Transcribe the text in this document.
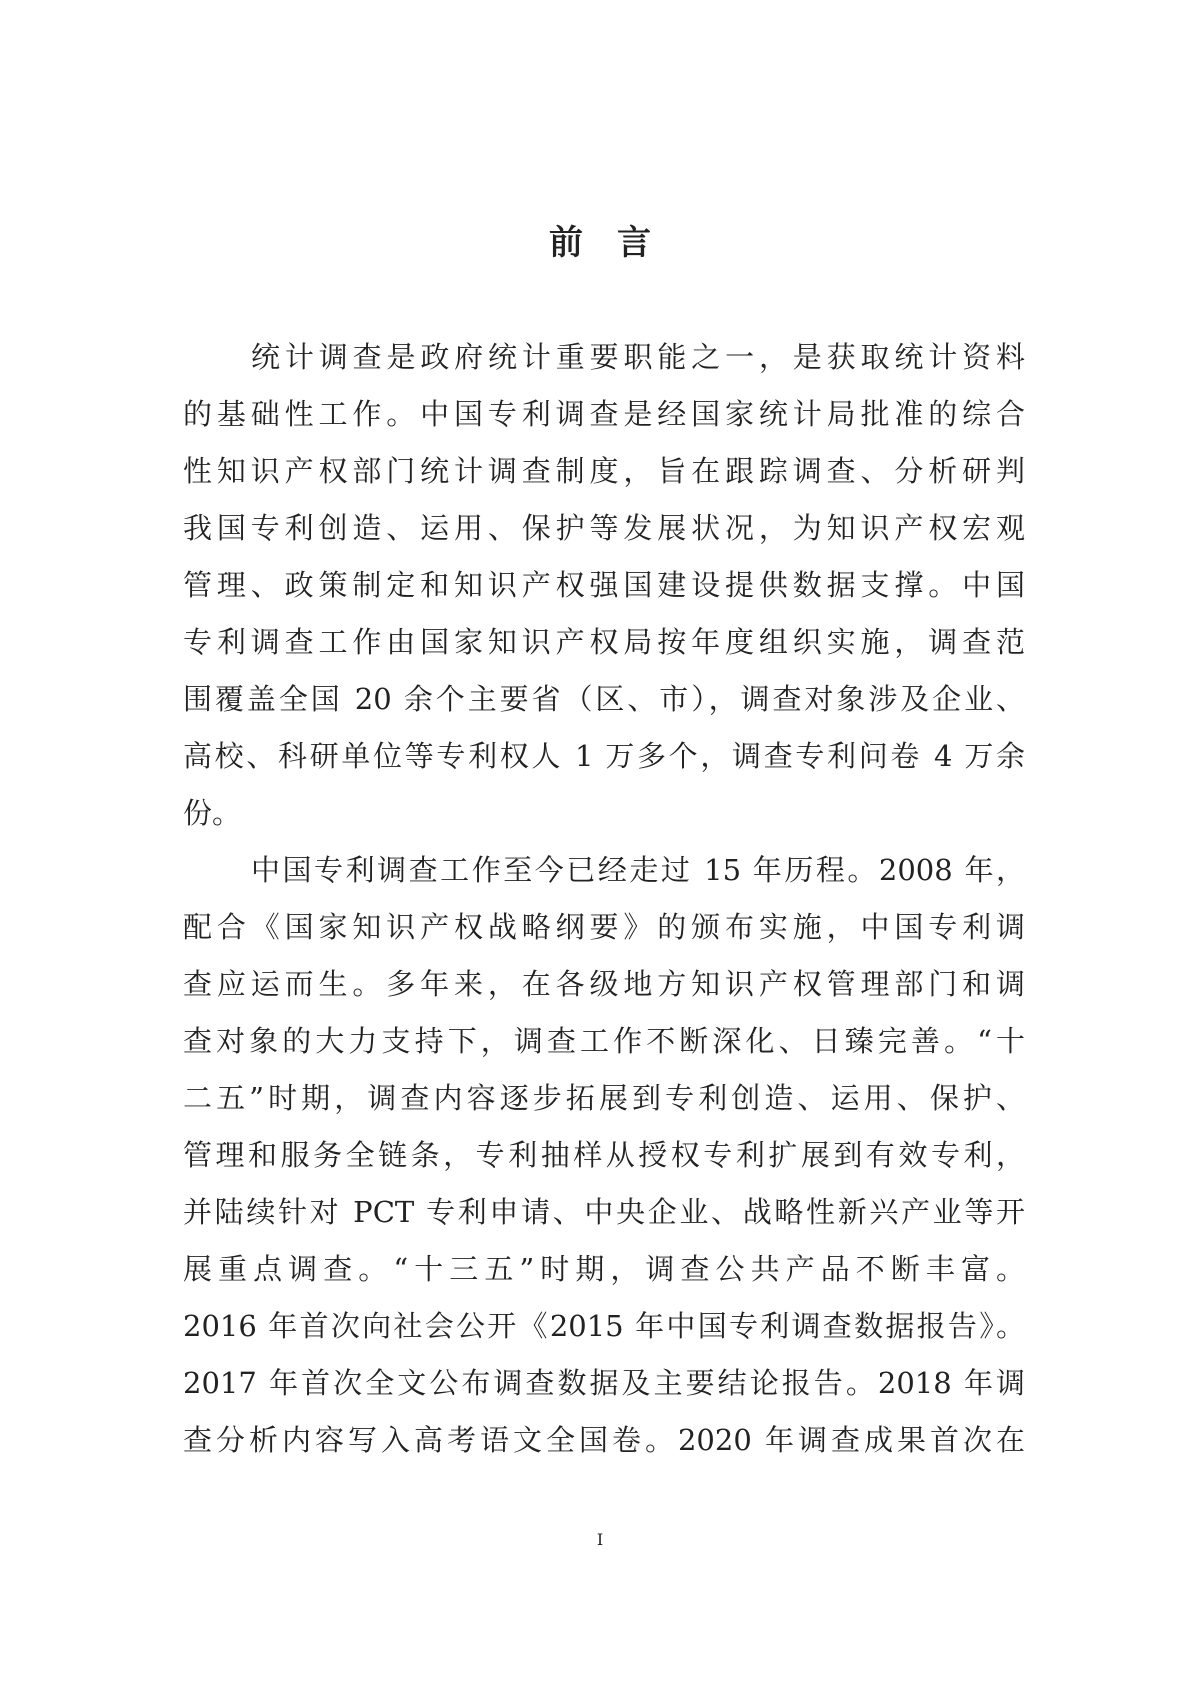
前言
统计调查是政府统计重要职能之一，是获取统计资料
的基础性工作。中国专利调查是经国家统计局批准的综合
性知识产权部门统计调查制度，旨在跟踪调查、分析研判
我国专利创造、运用、保护等发展状况，为知识产权宏观
管理、政策制定和知识产权强国建设提供数据支撑。中国
专利调查工作由国家知识产权局按年度组织实施，调查范
围覆盖全国 20 余个主要省（区、市），调查对象涉及企业、
高校、科研单位等专利权人 1 万多个，调查专利问卷 4 万余
份。
中国专利调查工作至今已经走过 15 年历程。2008 年，
配合《国家知识产权战略纲要》的颁布实施，中国专利调
查应运而生。多年来，在各级地方知识产权管理部门和调
查对象的大力支持下，调查工作不断深化、日臻完善。“十
二五”时期，调查内容逐步拓展到专利创造、运用、保护、
管理和服务全链条，专利抽样从授权专利扩展到有效专利，
并陆续针对 PCT 专利申请、中央企业、战略性新兴产业等开
展重点调查。“十三五”时期，调查公共产品不断丰富。
2016 年首次向社会公开《2015 年中国专利调查数据报告》。
2017 年首次全文公布调查数据及主要结论报告。2018 年调
查分析内容写入高考语文全国卷。2020 年调查成果首次在
I
